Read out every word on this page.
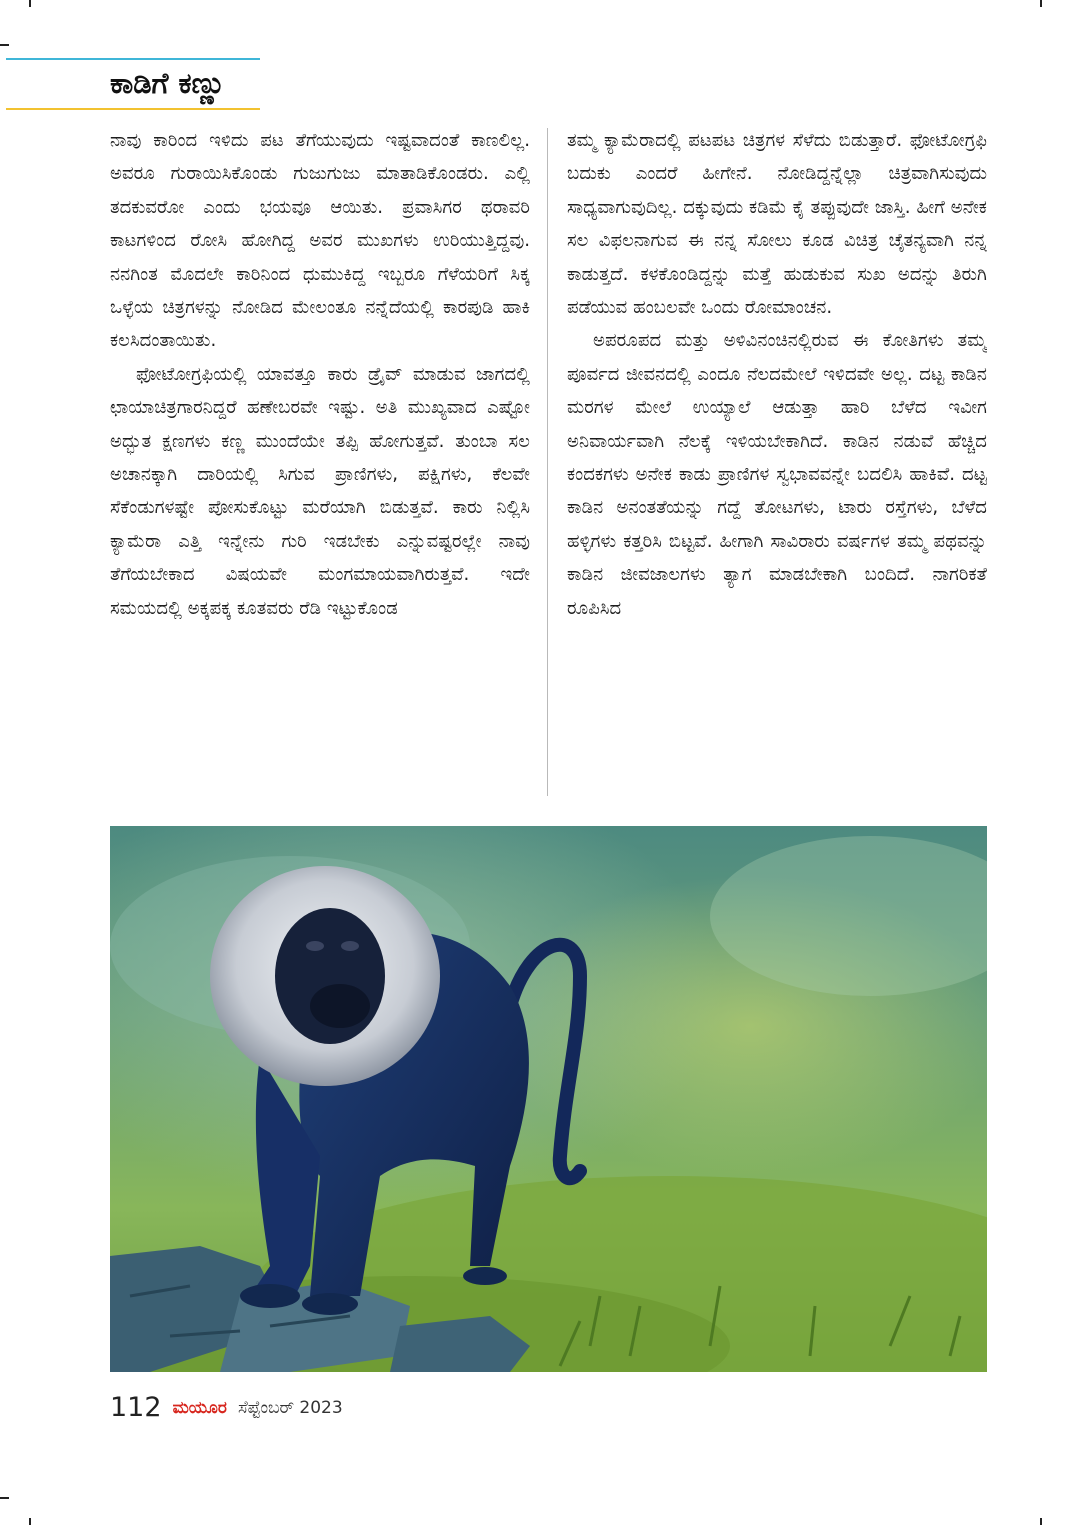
ಕಾಡಿಗೆ ಕಣ್ಣು

ನಾವು ಕಾರಿಂದ ಇಳಿದು ಪಟ ತೆಗೆಯುವುದು ಇಷ್ಟವಾದಂತೆ ಕಾಣಲಿಲ್ಲ. ಅವರೂ ಗುರಾಯಿಸಿಕೊಂಡು ಗುಜುಗುಜು ಮಾತಾಡಿಕೊಂಡರು. ಎಲ್ಲಿ ತದಕುವರೋ ಎಂದು ಭಯವೂ ಆಯಿತು. ಪ್ರವಾಸಿಗರ ಥರಾವರಿ ಕಾಟಗಳಿಂದ ರೋಸಿ ಹೋಗಿದ್ದ ಅವರ ಮುಖಗಳು ಉರಿಯುತ್ತಿದ್ದವು. ನನಗಿಂತ ಮೊದಲೇ ಕಾರಿನಿಂದ ಧುಮುಕಿದ್ದ ಇಬ್ಬರೂ ಗೆಳೆಯರಿಗೆ ಸಿಕ್ಕ ಒಳ್ಳೆಯ ಚಿತ್ರಗಳನ್ನು ನೋಡಿದ ಮೇಲಂತೂ ನನ್ನೆದೆಯಲ್ಲಿ ಕಾರಪುಡಿ ಹಾಕಿ ಕಲಸಿದಂತಾಯಿತು.

ಫೋಟೋಗ್ರಫಿಯಲ್ಲಿ ಯಾವತ್ತೂ ಕಾರು ಡ್ರೈವ್ ಮಾಡುವ ಜಾಗದಲ್ಲಿ ಛಾಯಾಚಿತ್ರಗಾರನಿದ್ದರೆ ಹಣೇಬರವೇ ಇಷ್ಟು. ಅತಿ ಮುಖ್ಯವಾದ ಎಷ್ಟೋ ಅದ್ಭುತ ಕ್ಷಣಗಳು ಕಣ್ಣ ಮುಂದೆಯೇ ತಪ್ಪಿ ಹೋಗುತ್ತವೆ. ತುಂಬಾ ಸಲ ಅಚಾನಕ್ಕಾಗಿ ದಾರಿಯಲ್ಲಿ ಸಿಗುವ ಪ್ರಾಣಿಗಳು, ಪಕ್ಷಿಗಳು, ಕೆಲವೇ ಸೆಕೆಂಡುಗಳಷ್ಟೇ ಪೋಸುಕೊಟ್ಟು ಮರೆಯಾಗಿ ಬಿಡುತ್ತವೆ. ಕಾರು ನಿಲ್ಲಿಸಿ ಕ್ಯಾಮೆರಾ ಎತ್ತಿ ಇನ್ನೇನು ಗುರಿ ಇಡಬೇಕು ಎನ್ನುವಷ್ಟರಲ್ಲೇ ನಾವು ತೆಗೆಯಬೇಕಾದ ವಿಷಯವೇ ಮಂಗಮಾಯವಾಗಿರುತ್ತವೆ. ಇದೇ ಸಮಯದಲ್ಲಿ ಅಕ್ಕಪಕ್ಕ ಕೂತವರು ರೆಡಿ ಇಟ್ಟುಕೊಂಡ

ತಮ್ಮ ಕ್ಯಾಮೆರಾದಲ್ಲಿ ಪಟಪಟ ಚಿತ್ರಗಳ ಸೆಳೆದು ಬಿಡುತ್ತಾರೆ. ಫೋಟೋಗ್ರಫಿ ಬದುಕು ಎಂದರೆ ಹೀಗೇನೆ. ನೋಡಿದ್ದನ್ನೆಲ್ಲಾ ಚಿತ್ರವಾಗಿಸುವುದು ಸಾಧ್ಯವಾಗುವುದಿಲ್ಲ. ದಕ್ಕುವುದು ಕಡಿಮೆ ಕೈ ತಪ್ಪುವುದೇ ಜಾಸ್ತಿ. ಹೀಗೆ ಅನೇಕ ಸಲ ವಿಫಲನಾಗುವ ಈ ನನ್ನ ಸೋಲು ಕೂಡ ವಿಚಿತ್ರ ಚೈತನ್ಯವಾಗಿ ನನ್ನ ಕಾಡುತ್ತದೆ. ಕಳಕೊಂಡಿದ್ದನ್ನು ಮತ್ತೆ ಹುಡುಕುವ ಸುಖ ಅದನ್ನು ತಿರುಗಿ ಪಡೆಯುವ ಹಂಬಲವೇ ಒಂದು ರೋಮಾಂಚನ.

ಅಪರೂಪದ ಮತ್ತು ಅಳಿವಿನಂಚಿನಲ್ಲಿರುವ ಈ ಕೋತಿಗಳು ತಮ್ಮ ಪೂರ್ವದ ಜೀವನದಲ್ಲಿ ಎಂದೂ ನೆಲದಮೇಲೆ ಇಳಿದವೇ ಅಲ್ಲ. ದಟ್ಟ ಕಾಡಿನ ಮರಗಳ ಮೇಲೆ ಉಯ್ಯಾಲೆ ಆಡುತ್ತಾ ಹಾರಿ ಬೆಳೆದ ಇವೀಗ ಅನಿವಾರ್ಯವಾಗಿ ನೆಲಕ್ಕೆ ಇಳಿಯಬೇಕಾಗಿದೆ. ಕಾಡಿನ ನಡುವೆ ಹೆಚ್ಚಿದ ಕಂದಕಗಳು ಅನೇಕ ಕಾಡು ಪ್ರಾಣಿಗಳ ಸ್ವಭಾವವನ್ನೇ ಬದಲಿಸಿ ಹಾಕಿವೆ. ದಟ್ಟ ಕಾಡಿನ ಅನಂತತೆಯನ್ನು ಗದ್ದೆ ತೋಟಗಳು, ಟಾರು ರಸ್ತೆಗಳು, ಬೆಳೆದ ಹಳ್ಳಿಗಳು ಕತ್ತರಿಸಿ ಬಿಟ್ಟವೆ. ಹೀಗಾಗಿ ಸಾವಿರಾರು ವರ್ಷಗಳ ತಮ್ಮ ಪಥವನ್ನು ಕಾಡಿನ ಜೀವಜಾಲಗಳು ತ್ಯಾಗ ಮಾಡಬೇಕಾಗಿ ಬಂದಿದೆ. ನಾಗರಿಕತೆ ರೂಪಿಸಿದ

112 ಮಯೂರ ಸೆಪ್ಟೆಂಬರ್ 2023
